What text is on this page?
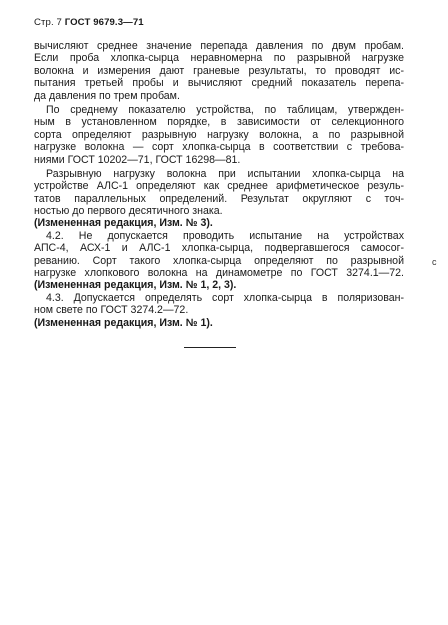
Стр. 7 ГОСТ 9679.3—71
вычисляют среднее значение перепада давления по двум пробам.
Если проба хлопка-сырца неравномерна по разрывной нагрузке
волокна и измерения дают граневые результаты, то проводят ис-
пытания третьей пробы и вычисляют средний показатель перепа-
да давления по трем пробам.
По среднему показателю устройства, по таблицам, утвержден-
ным в установленном порядке, в зависимости от селекционного
сорта определяют разрывную нагрузку волокна, а по разрывной
нагрузке волокна — сорт хлопка-сырца в соответствии с требова-
ниями ГОСТ 10202—71, ГОСТ 16298—81.
Разрывную нагрузку волокна при испытании хлопка-сырца на
устройстве АЛС-1 определяют как среднее арифметическое резуль-
татов параллельных определений. Результат округляют с точ-
ностью до первого десятичного знака.
(Измененная редакция, Изм. № 3).
4.2. Не допускается проводить испытание на устройствах
АПС-4, АСХ-1 и АЛС-1 хлопка-сырца, подвергавшегося самосог-
реванию. Сорт такого хлопка-сырца определяют по разрывной
нагрузке хлопкового волокна на динамометре по ГОСТ 3274.1—72.
(Измененная редакция, Изм. № 1, 2, 3).
4.3. Допускается определять сорт хлопка-сырца в поляризован-
ном свете по ГОСТ 3274.2—72.
(Измененная редакция, Изм. № 1).
с
